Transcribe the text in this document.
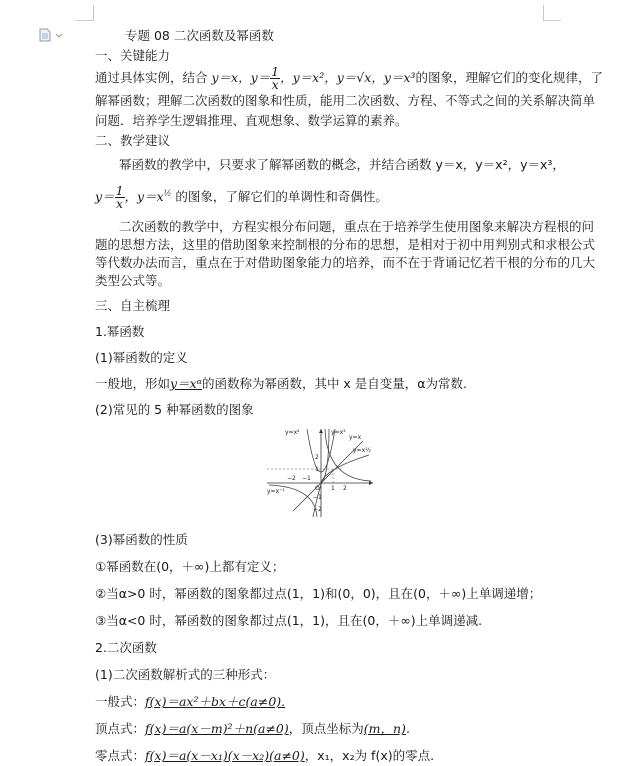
专题 08 二次函数及幂函数

一、关键能力

通过具体实例，结合 y＝x，$y= \frac{1}{x}$ ，y＝x²，y＝√x，y＝x³的图象，理解它们的变化规律，了

解幂函数；理解二次函数的图象和性质，能用二次函数、方程、不等式之间的关系解决简单

问题．培养学生逻辑推理、直观想象、数学运算的素养。

二、教学建议

幂函数的教学中，只要求了解幂函数的概念，并结合函数 y＝x，y＝x²，y＝x³，

$y= \frac{1}{x}$ ，$y=x^{\frac{1}{2}}$ 的图象，了解它们的单调性和奇偶性。

二次函数的教学中，方程实根分布问题，重点在于培养学生使用图象来解决方程根的问

题的思想方法，这里的借助图象来控制根的分布的思想，是相对于初中用判别式和求根公式

等代数办法而言，重点在于对借助图象能力的培养，而不在于背诵记忆若干根的分布的几大

类型公式等。

三、自主梳理

1.幂函数

(1)幂函数的定义

一般地，形如y＝xᵅ的函数称为幂函数，其中 x 是自变量，α为常数.

(2)常见的 5 种幂函数的图象

(3)幂函数的性质

①幂函数在(0，＋∞)上都有定义；

②当α>0 时，幂函数的图象都过点(1，1)和(0，0)，且在(0，＋∞)上单调递增；

③当α<0 时，幂函数的图象都过点(1，1)，且在(0，＋∞)上单调递减.

2.二次函数

(1)二次函数解析式的三种形式：

一般式：f(x)＝ax²＋bx＋c(a≠0).

顶点式：f(x)＝a(x－m)²＋n(a≠0)，顶点坐标为(m，n).

零点式：f(x)＝a(x－x₁)(x－x₂)(a≠0)，x₁，x₂为 f(x)的零点.

y=x²	y=x³
y=x
y=x½
y=x⁻¹
−2 −1
O 1 2
2
1
−1
−2
